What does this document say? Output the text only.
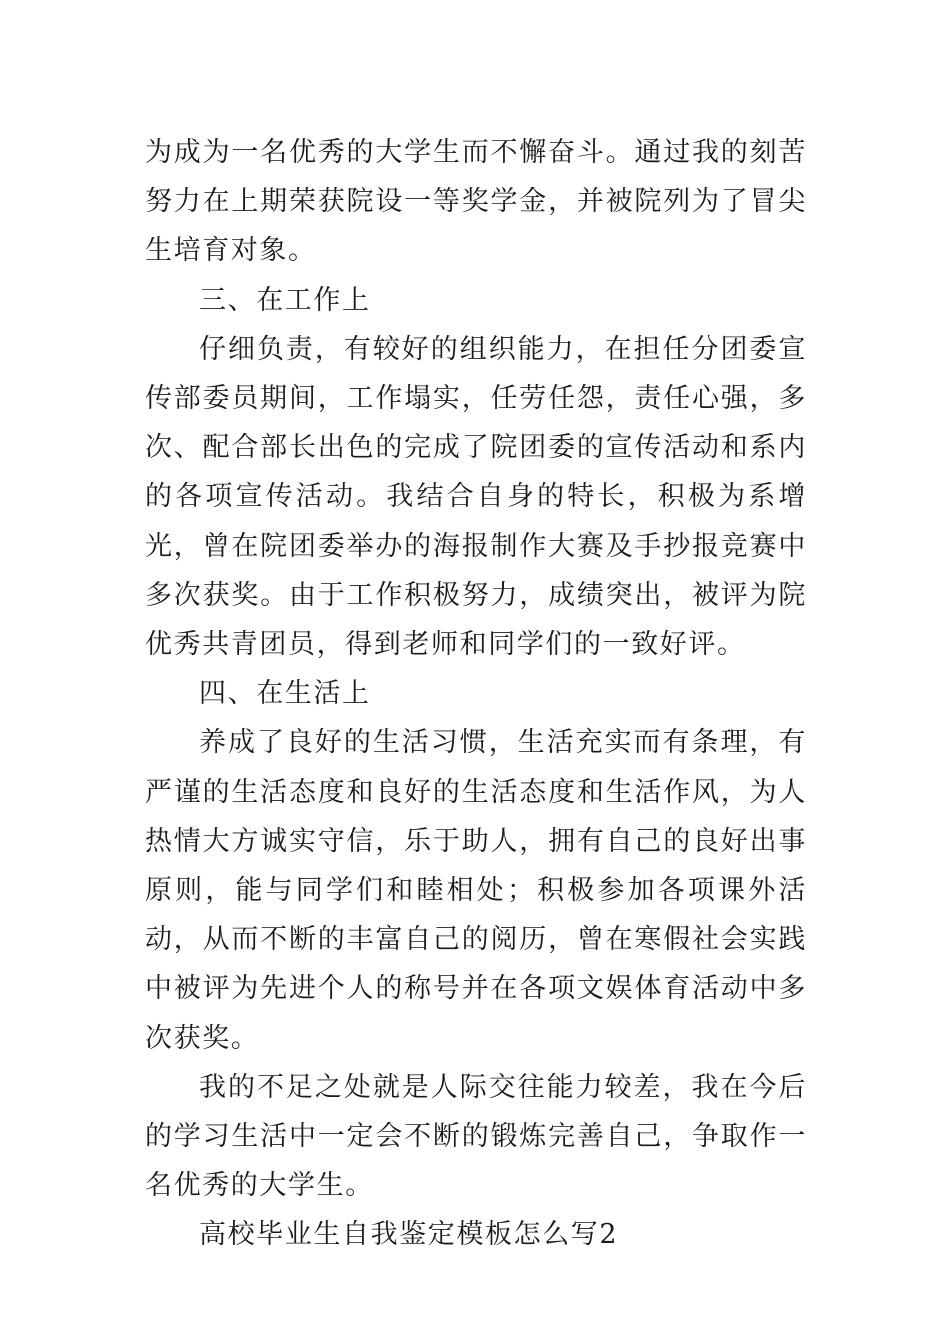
为成为一名优秀的大学生而不懈奋斗。通过我的刻苦努力在上期荣获院设一等奖学金，并被院列为了冒尖生培育对象。

三、在工作上

仔细负责，有较好的组织能力，在担任分团委宣传部委员期间，工作塌实，任劳任怨，责任心强，多次、配合部长出色的完成了院团委的宣传活动和系内的各项宣传活动。我结合自身的特长，积极为系增光，曾在院团委举办的海报制作大赛及手抄报竞赛中多次获奖。由于工作积极努力，成绩突出，被评为院优秀共青团员，得到老师和同学们的一致好评。

四、在生活上

养成了良好的生活习惯，生活充实而有条理，有严谨的生活态度和良好的生活态度和生活作风，为人热情大方诚实守信，乐于助人，拥有自己的良好出事原则，能与同学们和睦相处；积极参加各项课外活动，从而不断的丰富自己的阅历，曾在寒假社会实践中被评为先进个人的称号并在各项文娱体育活动中多次获奖。

我的不足之处就是人际交往能力较差，我在今后的学习生活中一定会不断的锻炼完善自己，争取作一名优秀的大学生。

高校毕业生自我鉴定模板怎么写2
